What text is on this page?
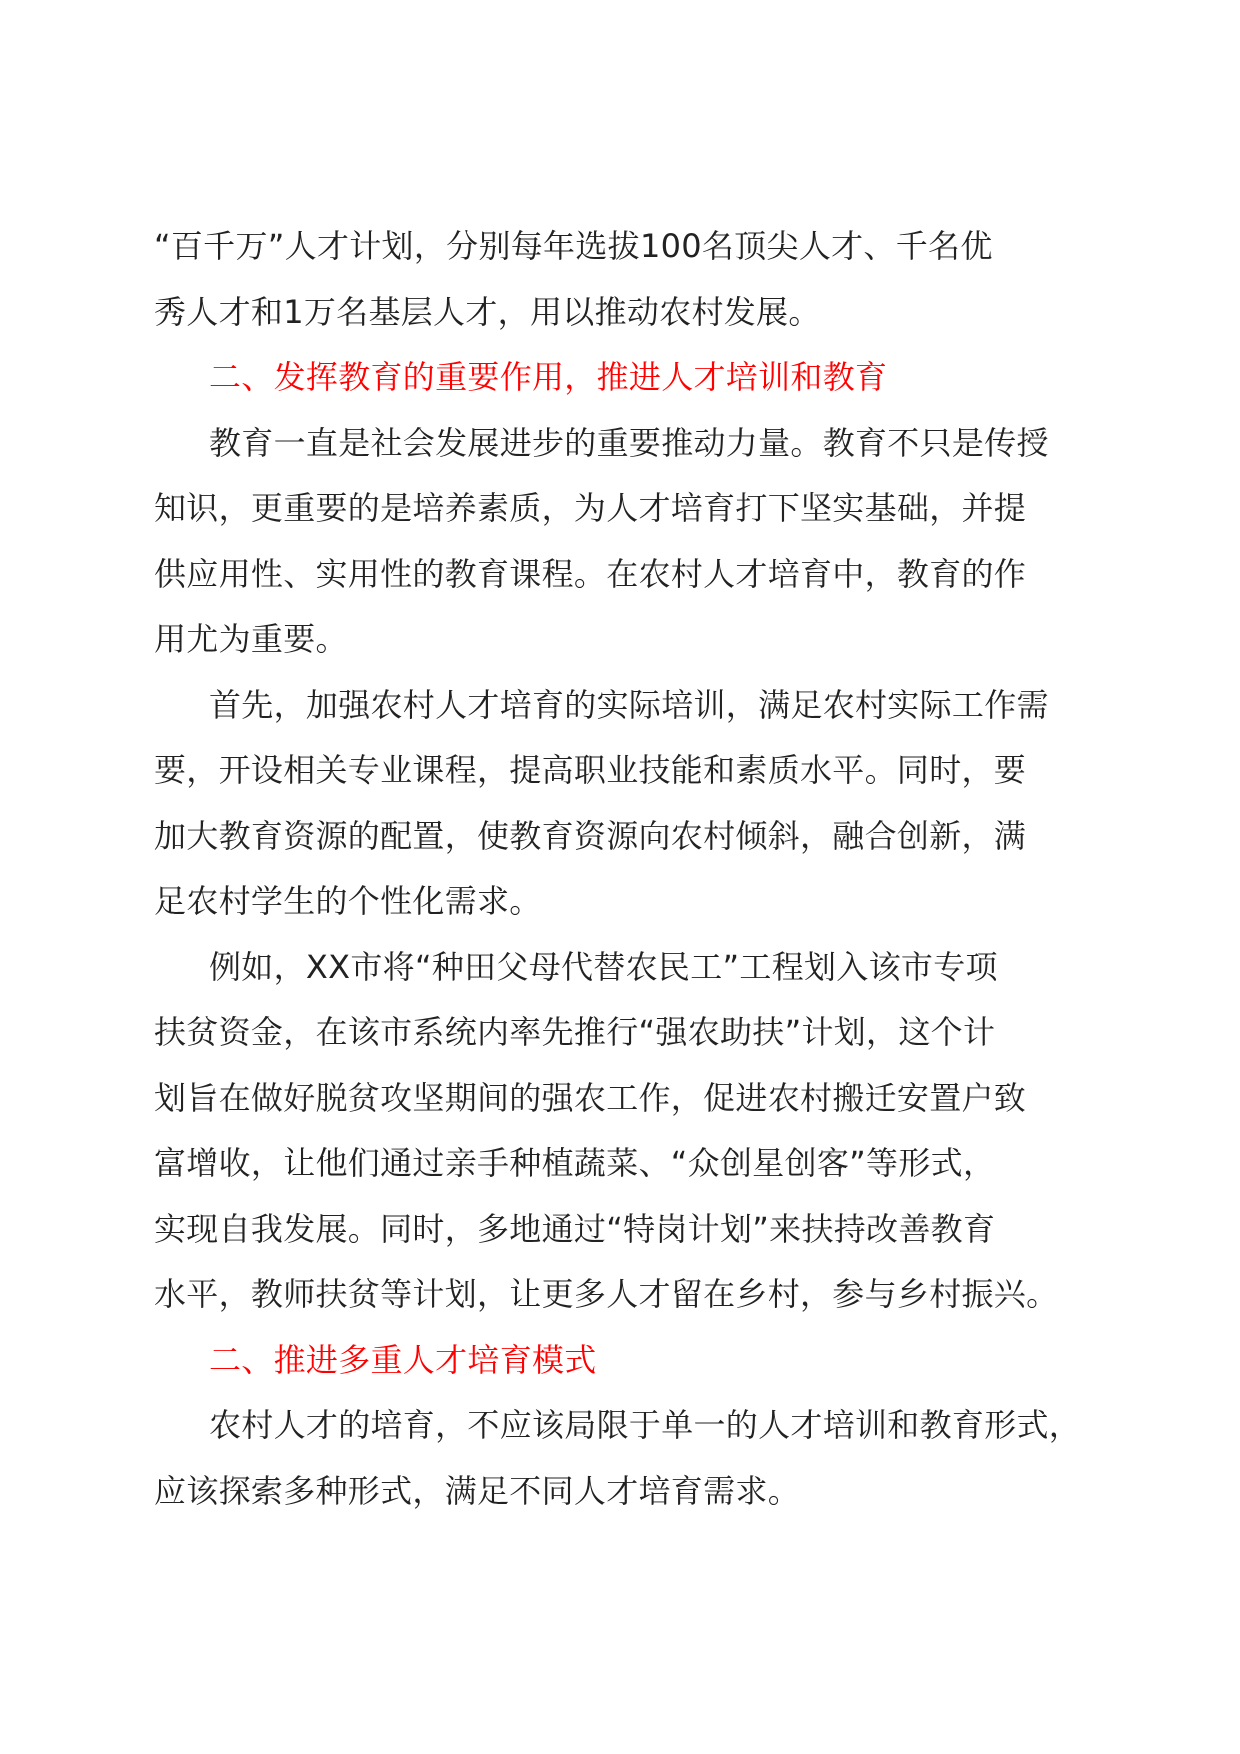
“百千万”人才计划，分别每年选拔100名顶尖人才、千名优
秀人才和1万名基层人才，用以推动农村发展。
二、发挥教育的重要作用，推进人才培训和教育
教育一直是社会发展进步的重要推动力量。教育不只是传授
知识，更重要的是培养素质，为人才培育打下坚实基础，并提
供应用性、实用性的教育课程。在农村人才培育中，教育的作
用尤为重要。
首先，加强农村人才培育的实际培训，满足农村实际工作需
要，开设相关专业课程，提高职业技能和素质水平。同时，要
加大教育资源的配置，使教育资源向农村倾斜，融合创新，满
足农村学生的个性化需求。
例如，XX市将“种田父母代替农民工”工程划入该市专项
扶贫资金，在该市系统内率先推行“强农助扶”计划，这个计
划旨在做好脱贫攻坚期间的强农工作，促进农村搬迁安置户致
富增收，让他们通过亲手种植蔬菜、“众创星创客”等形式，
实现自我发展。同时，多地通过“特岗计划”来扶持改善教育
水平，教师扶贫等计划，让更多人才留在乡村，参与乡村振兴。
二、推进多重人才培育模式
农村人才的培育，不应该局限于单一的人才培训和教育形式，
应该探索多种形式，满足不同人才培育需求。
